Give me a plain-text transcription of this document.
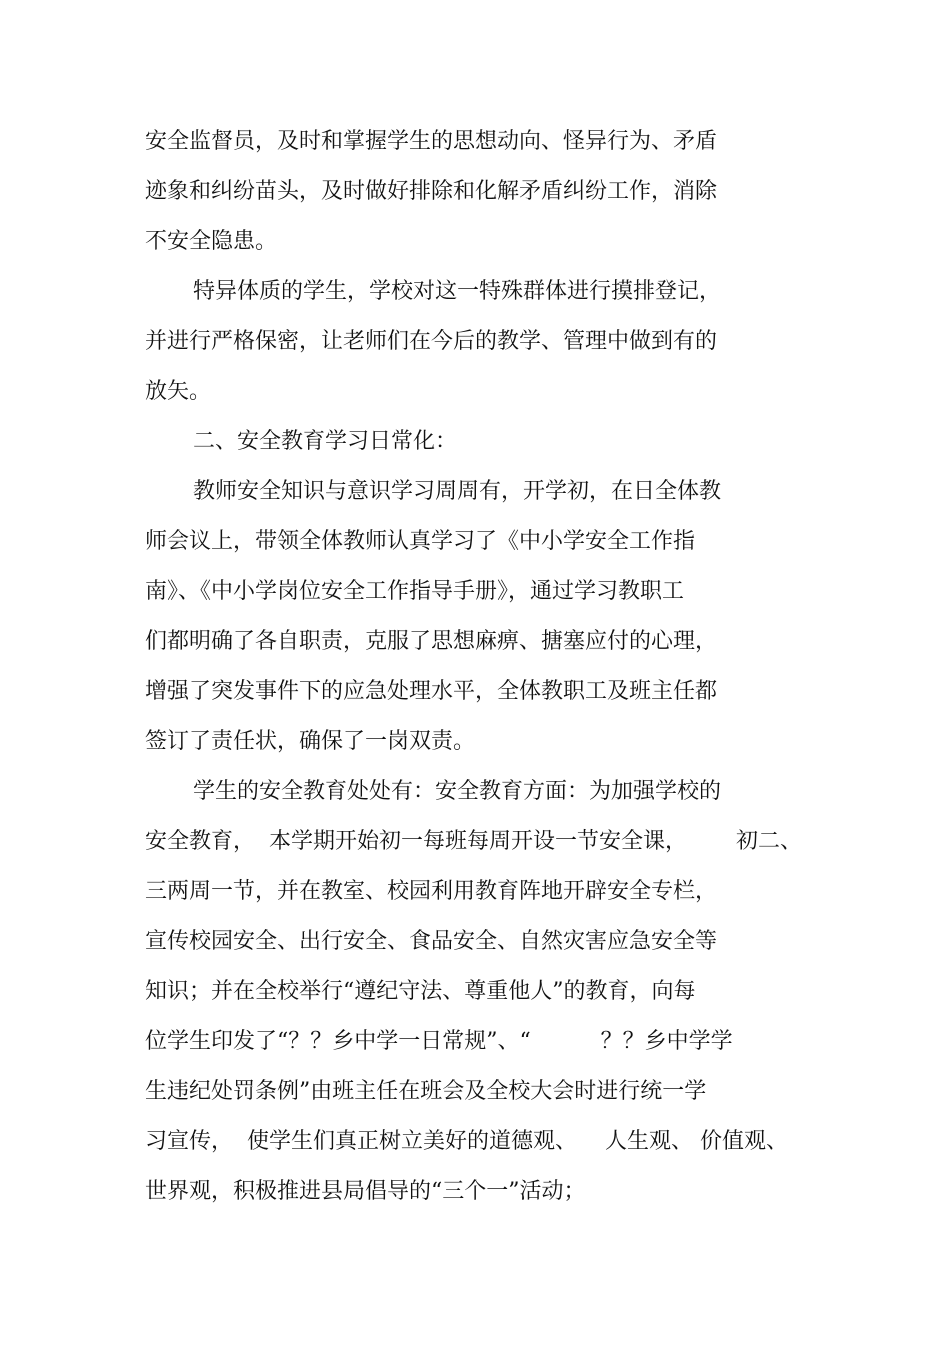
安全监督员，及时和掌握学生的思想动向、怪异行为、矛盾

迹象和纠纷苗头，及时做好排除和化解矛盾纠纷工作，消除

不安全隐患。

特异体质的学生，学校对这一特殊群体进行摸排登记，

并进行严格保密，让老师们在今后的教学、管理中做到有的

放矢。

二、安全教育学习日常化：

教师安全知识与意识学习周周有，开学初，在日全体教

师会议上，带领全体教师认真学习了《中小学安全工作指

南》、《中小学岗位安全工作指导手册》，通过学习教职工

们都明确了各自职责，克服了思想麻痹、搪塞应付的心理，

增强了突发事件下的应急处理水平，全体教职工及班主任都

签订了责任状，确保了一岗双责。

学生的安全教育处处有：安全教育方面：为加强学校的

安全教育，  本学期开始初一每班每周开设一节安全课，       初二、

三两周一节，并在教室、校园利用教育阵地开辟安全专栏，

宣传校园安全、出行安全、食品安全、自然灾害应急安全等

知识；并在全校举行“遵纪守法、尊重他人”的教育，向每

位学生印发了“？？乡中学一日常规”、“          ？？乡中学学

生违纪处罚条例”由班主任在班会及全校大会时进行统一学

习宣传，  使学生们真正树立美好的道德观、    人生观、 价值观、

世界观，积极推进县局倡导的“三个一”活动；
